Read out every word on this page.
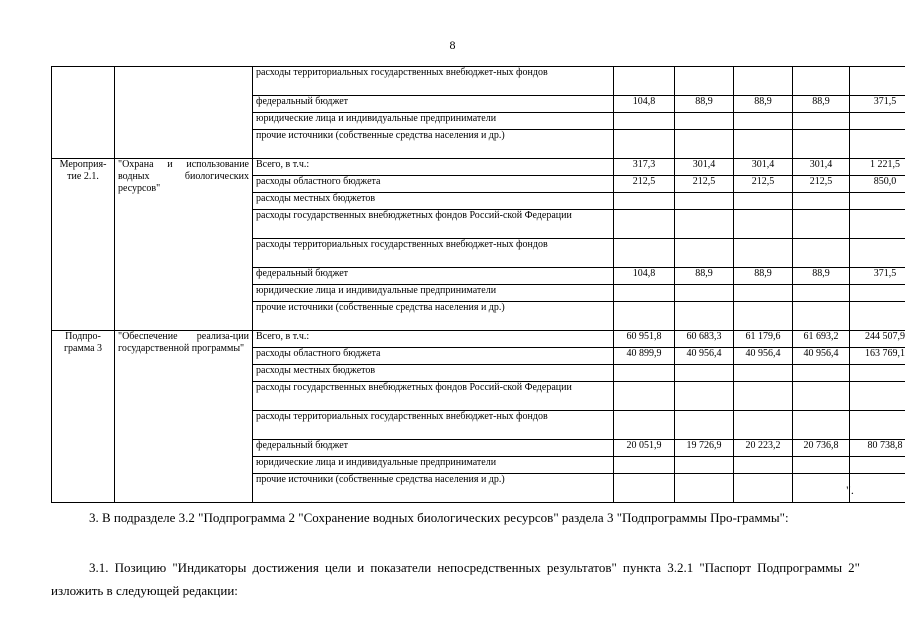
8
		расходы территориальных государственных внебюджет-ных фондов					
		федеральный бюджет	104,8	88,9	88,9	88,9	371,5
		юридические лица и индивидуальные предприниматели					
		прочие источники (собственные средства населения и др.)					
Мероприя-тие 2.1.	"Охрана и использование водных биологических ресурсов"	Всего, в т.ч.:	317,3	301,4	301,4	301,4	1 221,5
		расходы областного бюджета	212,5	212,5	212,5	212,5	850,0
		расходы местных бюджетов					
		расходы государственных внебюджетных фондов Россий-ской Федерации					
		расходы территориальных государственных внебюджет-ных фондов					
		федеральный бюджет	104,8	88,9	88,9	88,9	371,5
		юридические лица и индивидуальные предприниматели					
		прочие источники (собственные средства населения и др.)					
Подпро-грамма 3	"Обеспечение реализа-ции государственной программы"	Всего, в т.ч.:	60 951,8	60 683,3	61 179,6	61 693,2	244 507,9
		расходы областного бюджета	40 899,9	40 956,4	40 956,4	40 956,4	163 769,1
		расходы местных бюджетов					
		расходы государственных внебюджетных фондов Россий-ской Федерации					
		расходы территориальных государственных внебюджет-ных фондов					
		федеральный бюджет	20 051,9	19 726,9	20 223,2	20 736,8	80 738,8
		юридические лица и индивидуальные предприниматели					
		прочие источники (собственные средства населения и др.)					
".

3. В подразделе 3.2 "Подпрограмма 2 "Сохранение водных биологических ресурсов" раздела 3 "Подпрограммы Про-граммы":

3.1. Позицию "Индикаторы достижения цели и показатели непосредственных результатов" пункта 3.2.1 "Паспорт Подпрограммы 2" изложить в следующей редакции:
